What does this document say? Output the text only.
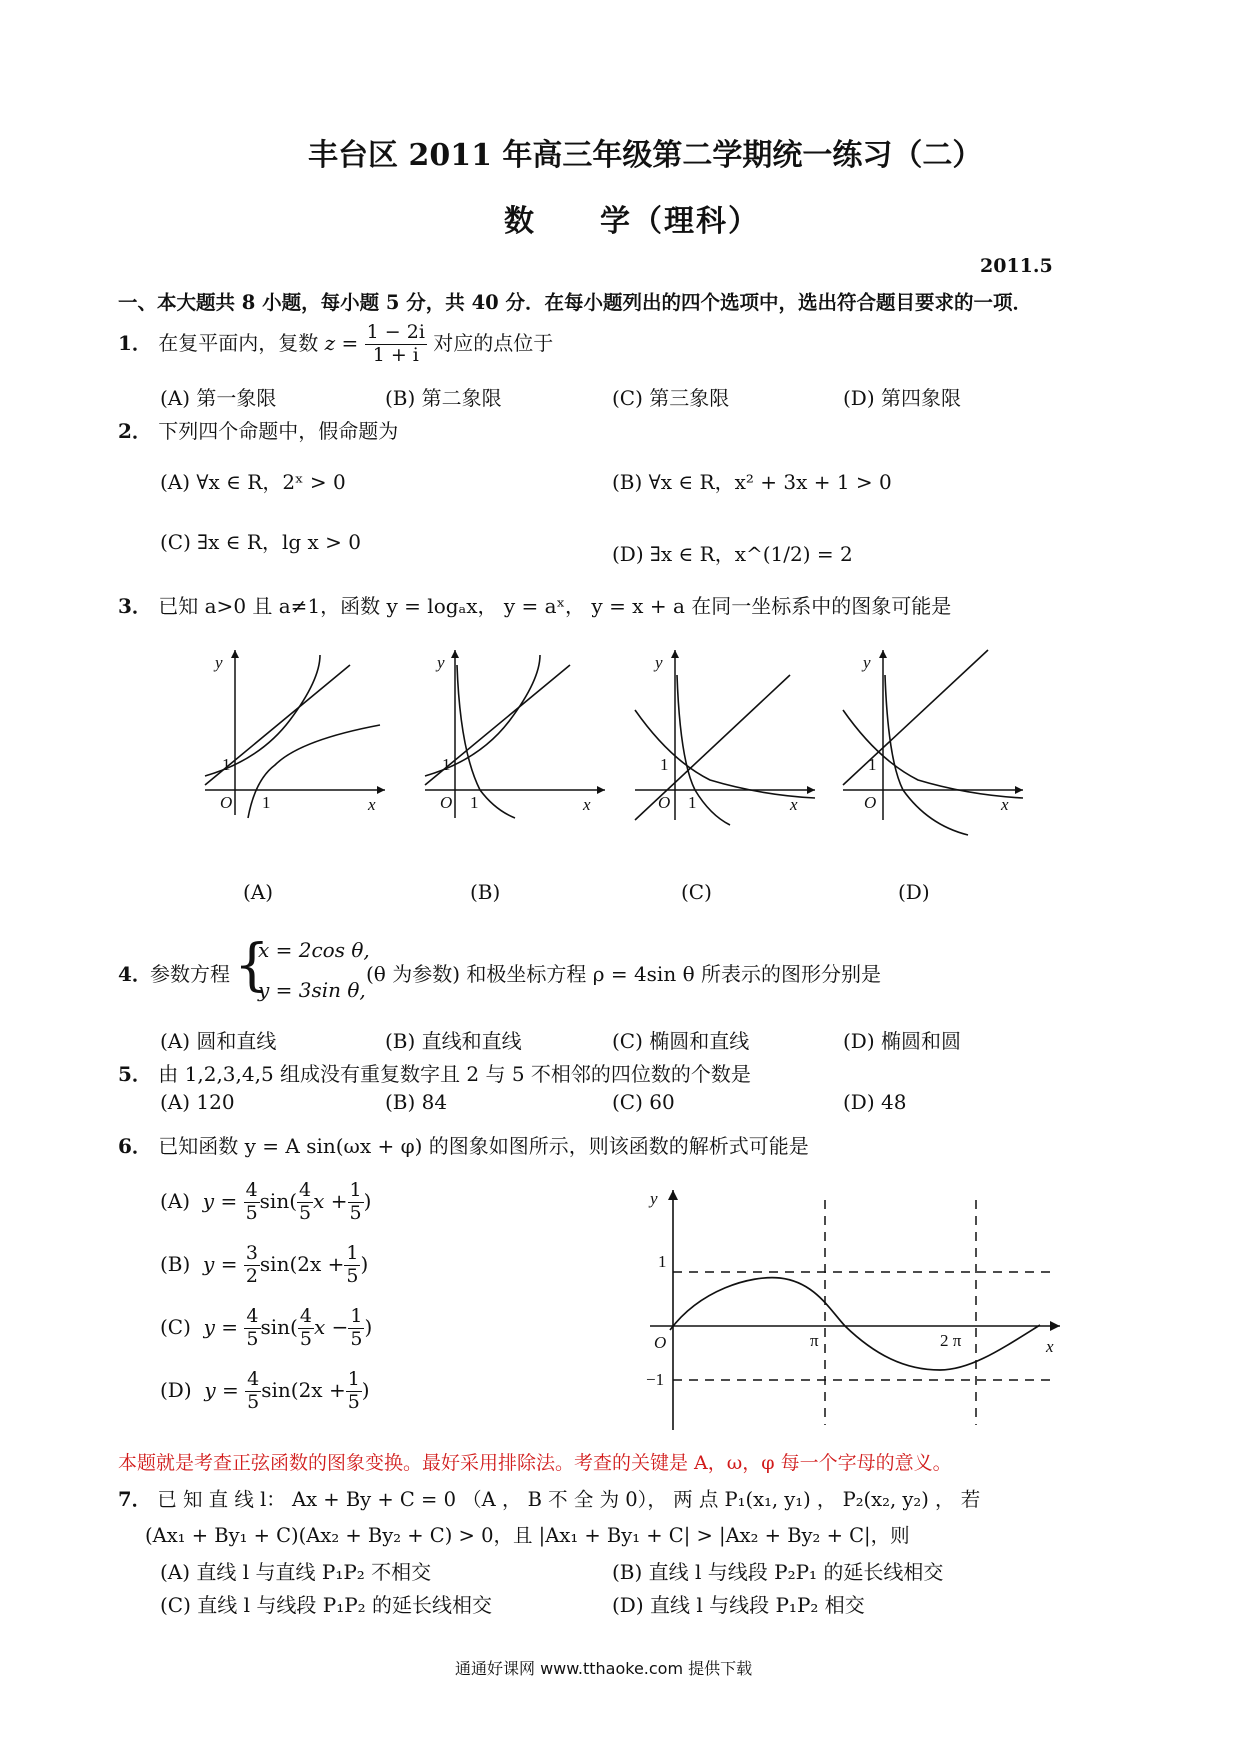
丰台区 2011 年高三年级第二学期统一练习（二）
数　　学（理科）
2011.5
一、本大题共 8 小题，每小题 5 分，共 40 分．在每小题列出的四个选项中，选出符合题目要求的一项．
1． 在复平面内，复数 $z = \frac{1 - 2i}{1 + i}$ 对应的点位于
(A) 第一象限	(B) 第二象限	(C) 第三象限	(D) 第四象限
2． 下列四个命题中，假命题为
(A) ∀x ∈ R，2ˣ > 0	(B) ∀x ∈ R，x² + 3x + 1 > 0
(C) ∃x ∈ R，lg x > 0	(D) ∃x ∈ R，x^(1/2) = 2
3． 已知 a>0 且 a≠1，函数 y = logₐx， y = aˣ， y = x + a 在同一坐标系中的图象可能是
y
x
O
1
1
y
x
O
1
1
y
x
O
1
1
y
x
O
1
(A)	(B)	(C)	(D)
4．
参数方程 {
x = 2cos θ,
y = 3sin θ,
(θ 为参数) 和极坐标方程 ρ = 4sin θ 所表示的图形分别是
(A) 圆和直线	(B) 直线和直线	(C) 椭圆和直线	(D) 椭圆和圆
5． 由 1,2,3,4,5 组成没有重复数字且 2 与 5 不相邻的四位数的个数是
(A) 120	(B) 84	(C) 60	(D) 48
6． 已知函数 y = A sin(ωx + φ) 的图象如图所示，则该函数的解析式可能是
(A) $y = \frac{4}{5} \sin( \frac{4}{5}$ $x + \frac{1}{5}$ )
(B) $y = \frac{3}{2} \sin(2x + \frac{1}{5}$ )
(C) $y = \frac{4}{5} \sin( \frac{4}{5}$ $x - \frac{1}{5}$ )
(D) $y = \frac{4}{5} \sin(2x + \frac{1}{5}$ )
y
x
O
1
−1
π	2 π
本题就是考查正弦函数的图象变换。最好采用排除法。考查的关键是 A，ω，φ 每一个字母的意义。
7． 已 知 直 线 l： Ax + By + C = 0 （A ， B 不 全 为 0）， 两 点 P₁(x₁, y₁) ， P₂(x₂, y₂) ， 若
(Ax₁ + By₁ + C)(Ax₂ + By₂ + C) > 0，且 |Ax₁ + By₁ + C| > |Ax₂ + By₂ + C|，则
(A) 直线 l 与直线 P₁P₂ 不相交	(B) 直线 l 与线段 P₂P₁ 的延长线相交
(C) 直线 l 与线段 P₁P₂ 的延长线相交	(D) 直线 l 与线段 P₁P₂ 相交
通通好课网 www.tthaoke.com 提供下载
